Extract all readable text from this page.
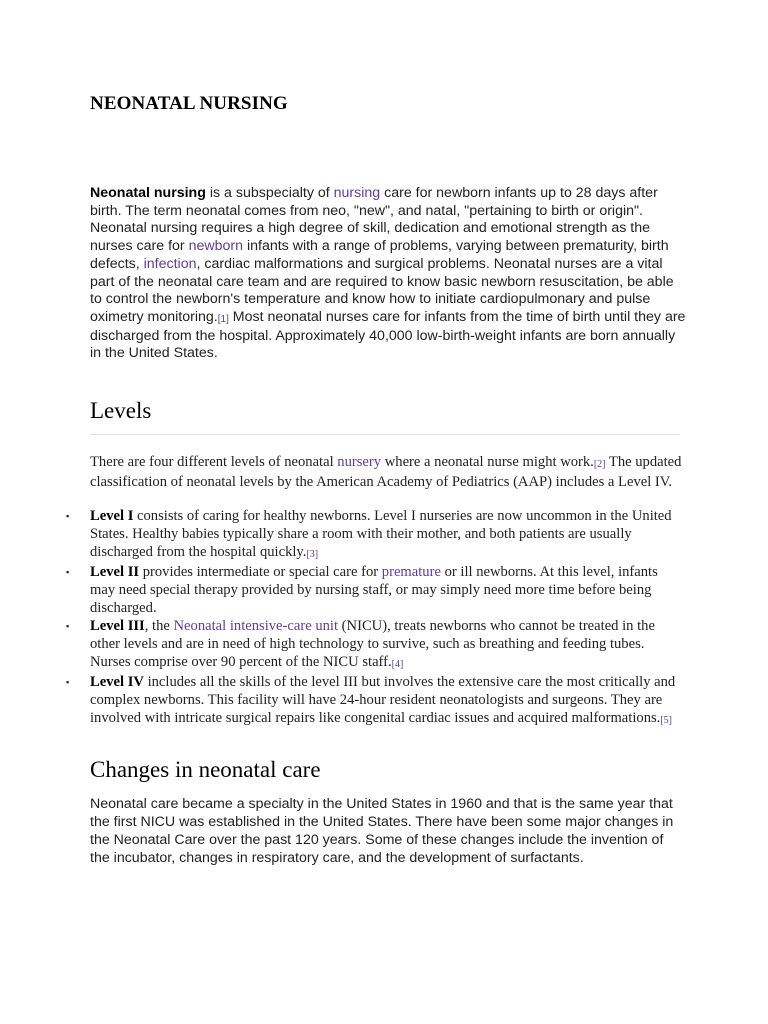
NEONATAL NURSING

Neonatal nursing is a subspecialty of nursing care for newborn infants up to 28 days after birth. The term neonatal comes from neo, "new", and natal, "pertaining to birth or origin". Neonatal nursing requires a high degree of skill, dedication and emotional strength as the nurses care for newborn infants with a range of problems, varying between prematurity, birth defects, infection, cardiac malformations and surgical problems. Neonatal nurses are a vital part of the neonatal care team and are required to know basic newborn resuscitation, be able to control the newborn's temperature and know how to initiate cardiopulmonary and pulse oximetry monitoring.[1] Most neonatal nurses care for infants from the time of birth until they are discharged from the hospital. Approximately 40,000 low-birth-weight infants are born annually in the United States.

Levels

There are four different levels of neonatal nursery where a neonatal nurse might work.[2] The updated classification of neonatal levels by the American Academy of Pediatrics (AAP) includes a Level IV.

▪ Level I consists of caring for healthy newborns. Level I nurseries are now uncommon in the United States. Healthy babies typically share a room with their mother, and both patients are usually discharged from the hospital quickly.[3]
▪ Level II provides intermediate or special care for premature or ill newborns. At this level, infants may need special therapy provided by nursing staff, or may simply need more time before being discharged.
▪ Level III, the Neonatal intensive-care unit (NICU), treats newborns who cannot be treated in the other levels and are in need of high technology to survive, such as breathing and feeding tubes. Nurses comprise over 90 percent of the NICU staff.[4]
▪ Level IV includes all the skills of the level III but involves the extensive care the most critically and complex newborns. This facility will have 24-hour resident neonatologists and surgeons. They are involved with intricate surgical repairs like congenital cardiac issues and acquired malformations.[5]
Changes in neonatal care

Neonatal care became a specialty in the United States in 1960 and that is the same year that the first NICU was established in the United States. There have been some major changes in the Neonatal Care over the past 120 years. Some of these changes include the invention of the incubator, changes in respiratory care, and the development of surfactants.
